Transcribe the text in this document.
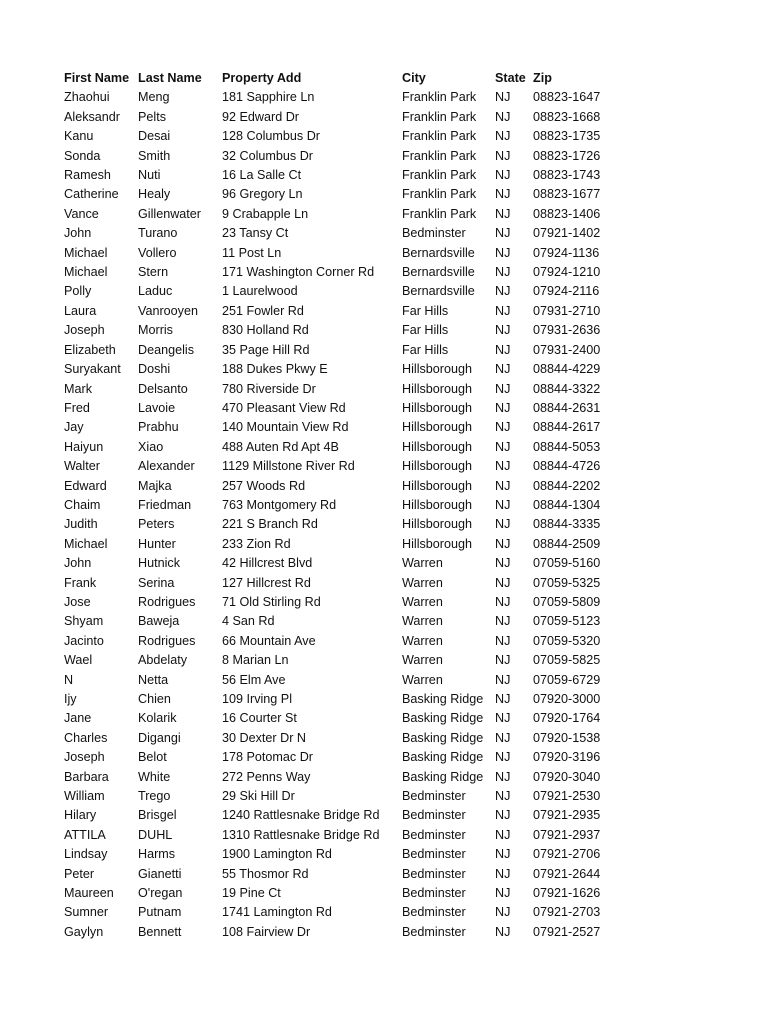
First Name	Last Name	Property Add	City	State	Zip
Zhaohui	Meng	181 Sapphire Ln	Franklin Park	NJ	08823-1647
Aleksandr	Pelts	92 Edward Dr	Franklin Park	NJ	08823-1668
Kanu	Desai	128 Columbus Dr	Franklin Park	NJ	08823-1735
Sonda	Smith	32 Columbus Dr	Franklin Park	NJ	08823-1726
Ramesh	Nuti	16 La Salle Ct	Franklin Park	NJ	08823-1743
Catherine	Healy	96 Gregory Ln	Franklin Park	NJ	08823-1677
Vance	Gillenwater	9 Crabapple Ln	Franklin Park	NJ	08823-1406
John	Turano	23 Tansy Ct	Bedminster	NJ	07921-1402
Michael	Vollero	11 Post Ln	Bernardsville	NJ	07924-1136
Michael	Stern	171 Washington Corner Rd	Bernardsville	NJ	07924-1210
Polly	Laduc	1 Laurelwood	Bernardsville	NJ	07924-2116
Laura	Vanrooyen	251 Fowler Rd	Far Hills	NJ	07931-2710
Joseph	Morris	830 Holland Rd	Far Hills	NJ	07931-2636
Elizabeth	Deangelis	35 Page Hill Rd	Far Hills	NJ	07931-2400
Suryakant	Doshi	188 Dukes Pkwy E	Hillsborough	NJ	08844-4229
Mark	Delsanto	780 Riverside Dr	Hillsborough	NJ	08844-3322
Fred	Lavoie	470 Pleasant View Rd	Hillsborough	NJ	08844-2631
Jay	Prabhu	140 Mountain View Rd	Hillsborough	NJ	08844-2617
Haiyun	Xiao	488 Auten Rd Apt 4B	Hillsborough	NJ	08844-5053
Walter	Alexander	1129 Millstone River Rd	Hillsborough	NJ	08844-4726
Edward	Majka	257 Woods Rd	Hillsborough	NJ	08844-2202
Chaim	Friedman	763 Montgomery Rd	Hillsborough	NJ	08844-1304
Judith	Peters	221 S Branch Rd	Hillsborough	NJ	08844-3335
Michael	Hunter	233 Zion Rd	Hillsborough	NJ	08844-2509
John	Hutnick	42 Hillcrest Blvd	Warren	NJ	07059-5160
Frank	Serina	127 Hillcrest Rd	Warren	NJ	07059-5325
Jose	Rodrigues	71 Old Stirling Rd	Warren	NJ	07059-5809
Shyam	Baweja	4 San Rd	Warren	NJ	07059-5123
Jacinto	Rodrigues	66 Mountain Ave	Warren	NJ	07059-5320
Wael	Abdelaty	8 Marian Ln	Warren	NJ	07059-5825
N	Netta	56 Elm Ave	Warren	NJ	07059-6729
Ijy	Chien	109 Irving Pl	Basking Ridge	NJ	07920-3000
Jane	Kolarik	16 Courter St	Basking Ridge	NJ	07920-1764
Charles	Digangi	30 Dexter Dr N	Basking Ridge	NJ	07920-1538
Joseph	Belot	178 Potomac Dr	Basking Ridge	NJ	07920-3196
Barbara	White	272 Penns Way	Basking Ridge	NJ	07920-3040
William	Trego	29 Ski Hill Dr	Bedminster	NJ	07921-2530
Hilary	Brisgel	1240 Rattlesnake Bridge Rd	Bedminster	NJ	07921-2935
ATTILA	DUHL	1310 Rattlesnake Bridge Rd	Bedminster	NJ	07921-2937
Lindsay	Harms	1900 Lamington Rd	Bedminster	NJ	07921-2706
Peter	Gianetti	55 Thosmor Rd	Bedminster	NJ	07921-2644
Maureen	O'regan	19 Pine Ct	Bedminster	NJ	07921-1626
Sumner	Putnam	1741 Lamington Rd	Bedminster	NJ	07921-2703
Gaylyn	Bennett	108 Fairview Dr	Bedminster	NJ	07921-2527
